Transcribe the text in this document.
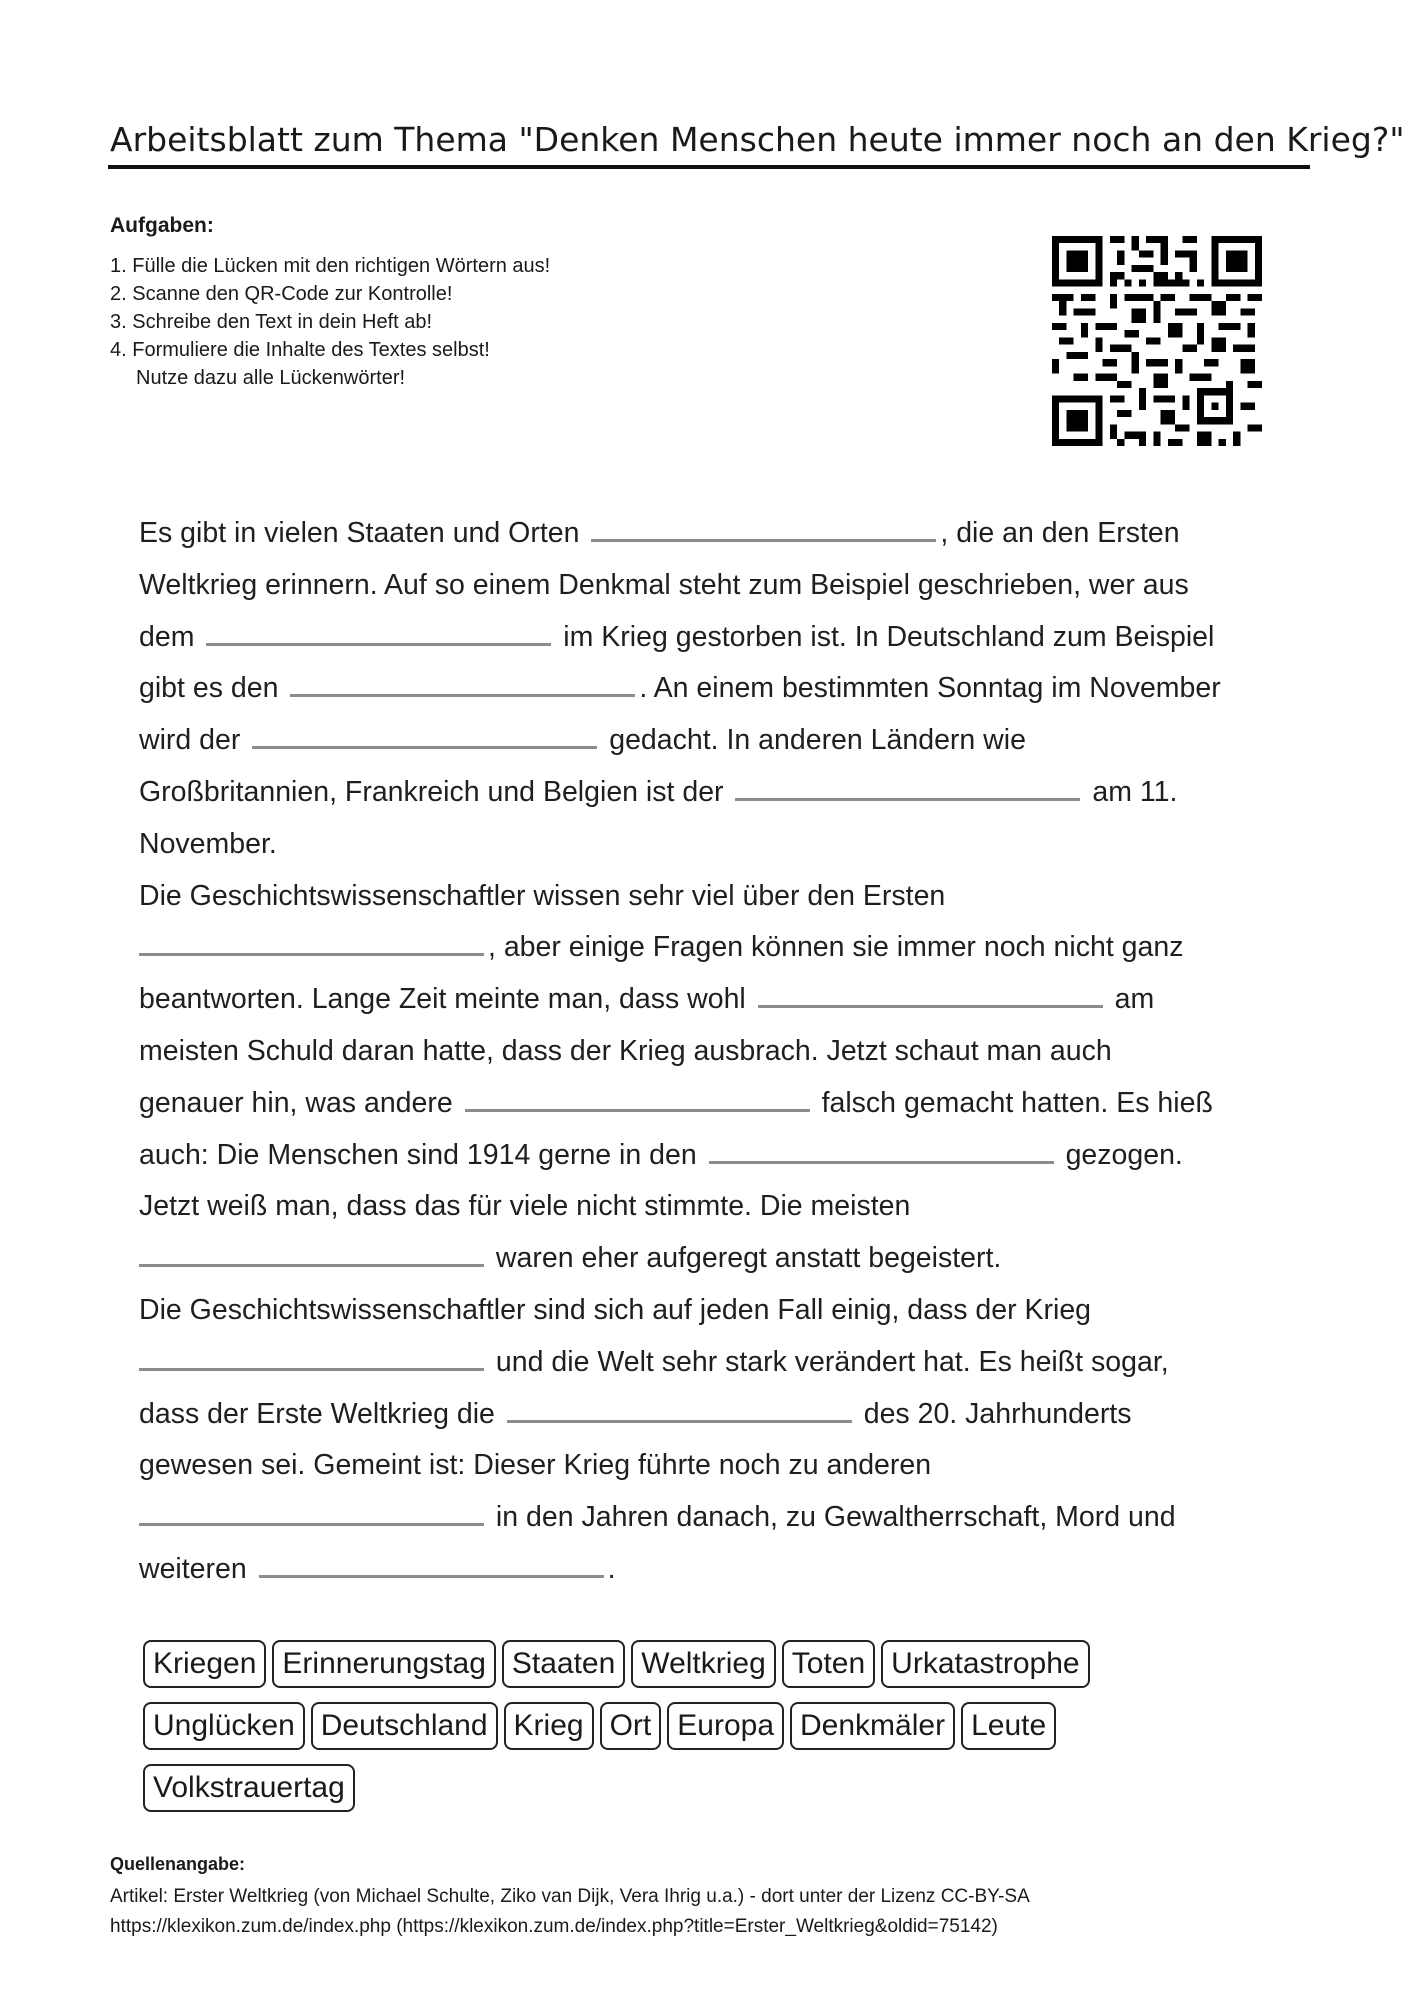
Arbeitsblatt zum Thema "Denken Menschen heute immer noch an den Krieg?"
Aufgaben:
1. Fülle die Lücken mit den richtigen Wörtern aus!
2. Scanne den QR-Code zur Kontrolle!
3. Schreibe den Text in dein Heft ab!
4. Formuliere die Inhalte des Textes selbst!
Nutze dazu alle Lückenwörter!
Es gibt in vielen Staaten und Orten	, die an den Ersten
Weltkrieg erinnern. Auf so einem Denkmal steht zum Beispiel geschrieben, wer aus
dem	im Krieg gestorben ist. In Deutschland zum Beispiel
gibt es den	. An einem bestimmten Sonntag im November
wird der	gedacht. In anderen Ländern wie
Großbritannien, Frankreich und Belgien ist der	am 11.
November.
Die Geschichtswissenschaftler wissen sehr viel über den Ersten
, aber einige Fragen können sie immer noch nicht ganz
beantworten. Lange Zeit meinte man, dass wohl	am
meisten Schuld daran hatte, dass der Krieg ausbrach. Jetzt schaut man auch
genauer hin, was andere	falsch gemacht hatten. Es hieß
auch: Die Menschen sind 1914 gerne in den	gezogen.
Jetzt weiß man, dass das für viele nicht stimmte. Die meisten
waren eher aufgeregt anstatt begeistert.
Die Geschichtswissenschaftler sind sich auf jeden Fall einig, dass der Krieg
und die Welt sehr stark verändert hat. Es heißt sogar,
dass der Erste Weltkrieg die	des 20. Jahrhunderts
gewesen sei. Gemeint ist: Dieser Krieg führte noch zu anderen
in den Jahren danach, zu Gewaltherrschaft, Mord und
weiteren	.
Kriegen Erinnerungstag Staaten Weltkrieg Toten Urkatastrophe
Unglücken Deutschland Krieg Ort Europa Denkmäler Leute
Volkstrauertag
Quellenangabe:
Artikel: Erster Weltkrieg (von Michael Schulte, Ziko van Dijk, Vera Ihrig u.a.) - dort unter der Lizenz CC-BY-SA
https://klexikon.zum.de/index.php (https://klexikon.zum.de/index.php?title=Erster_Weltkrieg&oldid=75142)
